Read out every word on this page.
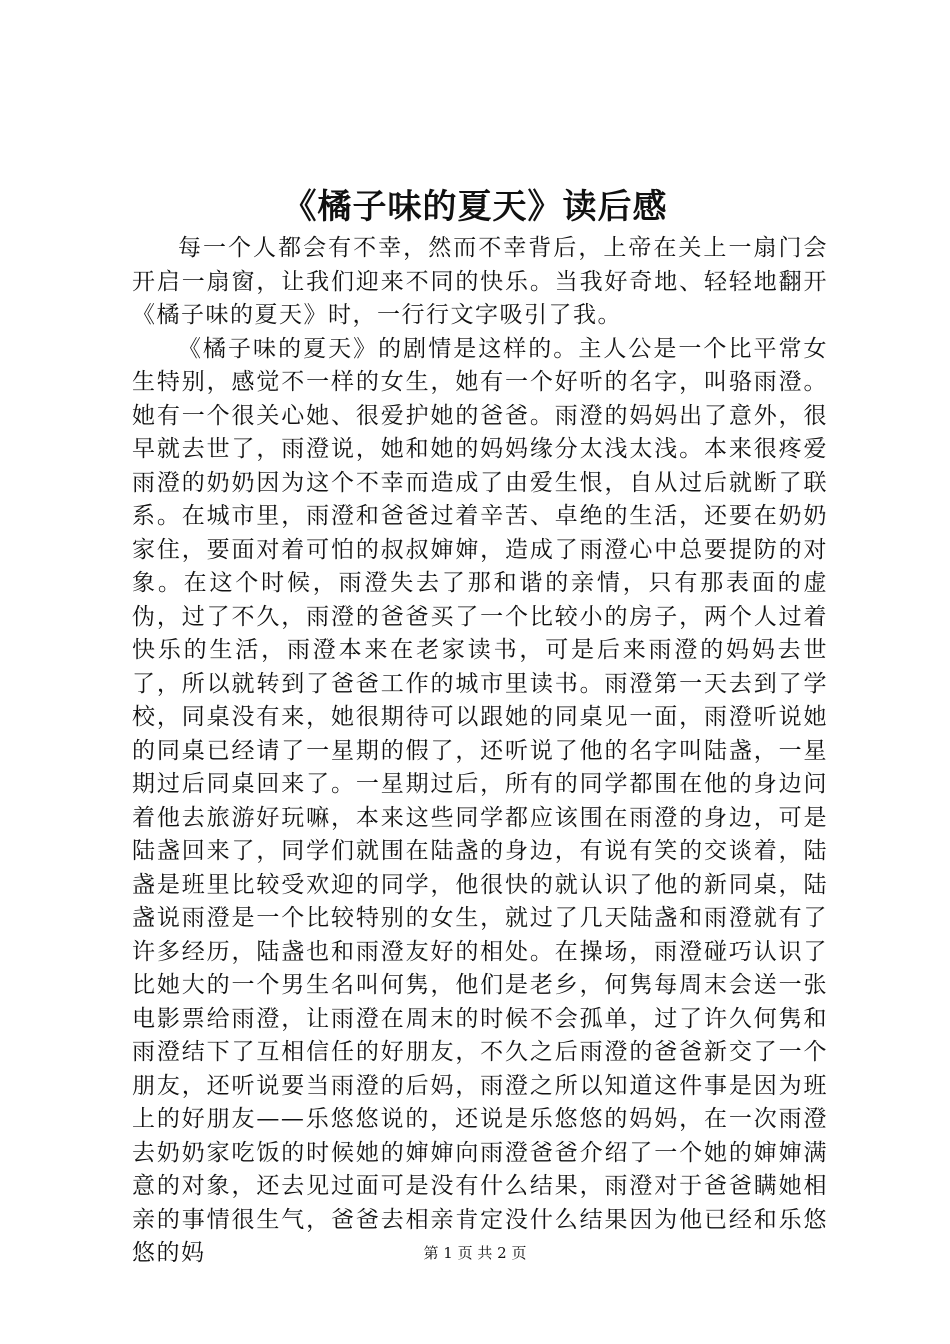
《橘子味的夏天》读后感

每一个人都会有不幸，然而不幸背后，上帝在关上一扇门会开启一扇窗，让我们迎来不同的快乐。当我好奇地、轻轻地翻开《橘子味的夏天》时，一行行文字吸引了我。

《橘子味的夏天》的剧情是这样的。主人公是一个比平常女生特别，感觉不一样的女生，她有一个好听的名字，叫骆雨澄。她有一个很关心她、很爱护她的爸爸。雨澄的妈妈出了意外，很早就去世了，雨澄说，她和她的妈妈缘分太浅太浅。本来很疼爱雨澄的奶奶因为这个不幸而造成了由爱生恨，自从过后就断了联系。在城市里，雨澄和爸爸过着辛苦、卓绝的生活，还要在奶奶家住，要面对着可怕的叔叔婶婶，造成了雨澄心中总要提防的对象。在这个时候，雨澄失去了那和谐的亲情，只有那表面的虚伪，过了不久，雨澄的爸爸买了一个比较小的房子，两个人过着快乐的生活，雨澄本来在老家读书，可是后来雨澄的妈妈去世了，所以就转到了爸爸工作的城市里读书。雨澄第一天去到了学校，同桌没有来，她很期待可以跟她的同桌见一面，雨澄听说她的同桌已经请了一星期的假了，还听说了他的名字叫陆盏，一星期过后同桌回来了。一星期过后，所有的同学都围在他的身边问着他去旅游好玩嘛，本来这些同学都应该围在雨澄的身边，可是陆盏回来了，同学们就围在陆盏的身边，有说有笑的交谈着，陆盏是班里比较受欢迎的同学，他很快的就认识了他的新同桌，陆盏说雨澄是一个比较特别的女生，就过了几天陆盏和雨澄就有了许多经历，陆盏也和雨澄友好的相处。在操场，雨澄碰巧认识了比她大的一个男生名叫何隽，他们是老乡，何隽每周末会送一张电影票给雨澄，让雨澄在周末的时候不会孤单，过了许久何隽和雨澄结下了互相信任的好朋友，不久之后雨澄的爸爸新交了一个朋友，还听说要当雨澄的后妈，雨澄之所以知道这件事是因为班上的好朋友——乐悠悠说的，还说是乐悠悠的妈妈，在一次雨澄去奶奶家吃饭的时候她的婶婶向雨澄爸爸介绍了一个她的婶婶满意的对象，还去见过面可是没有什么结果，雨澄对于爸爸瞒她相亲的事情很生气，爸爸去相亲肯定没什么结果因为他已经和乐悠悠的妈	第 1 页 共 2 页
